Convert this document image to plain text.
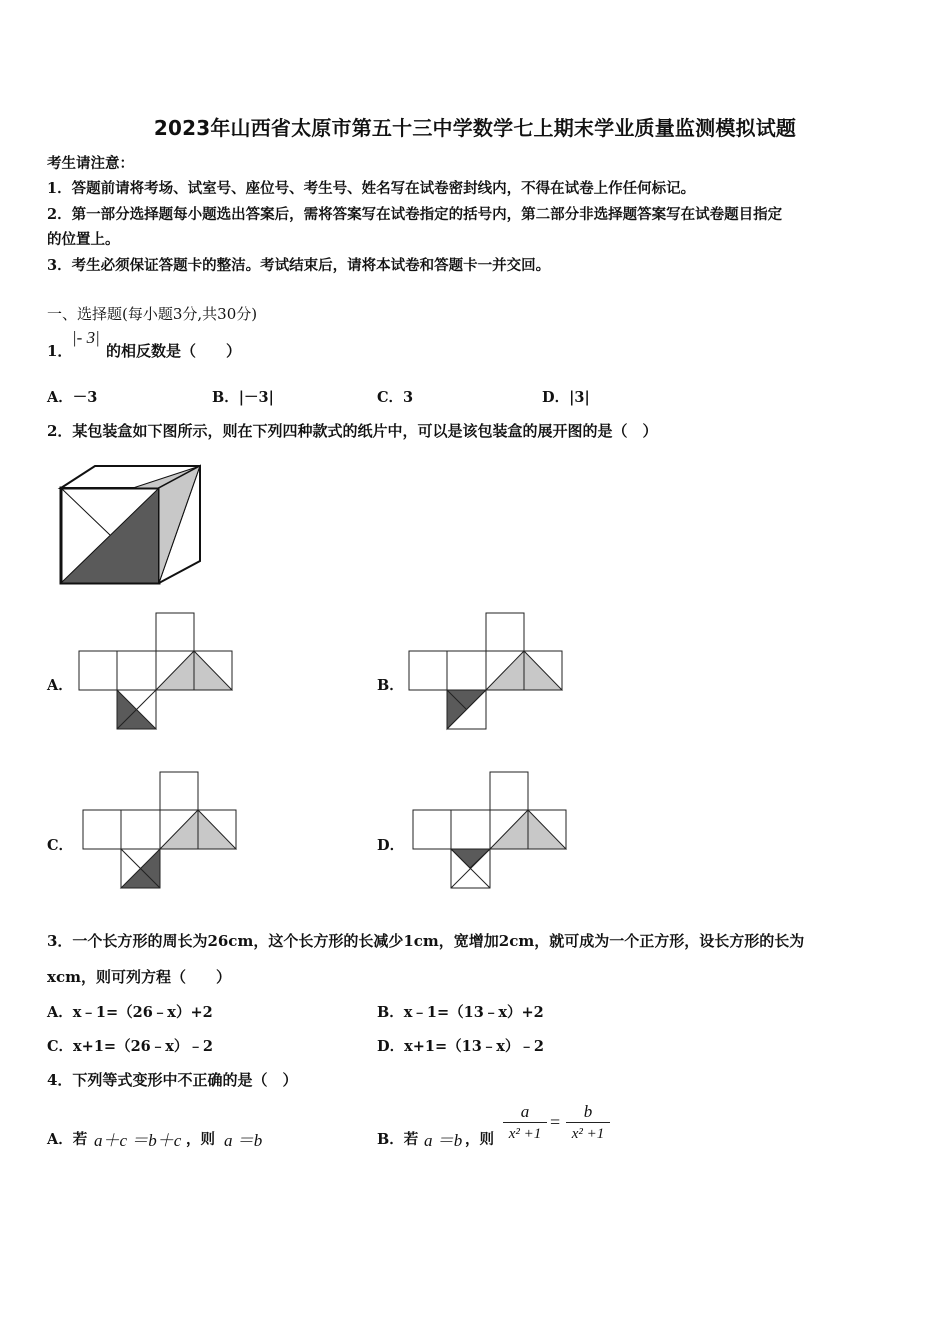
2023年山西省太原市第五十三中学数学七上期末学业质量监测模拟试题
考生请注意：
1．答题前请将考场、试室号、座位号、考生号、姓名写在试卷密封线内，不得在试卷上作任何标记。
2．第一部分选择题每小题选出答案后，需将答案写在试卷指定的括号内，第二部分非选择题答案写在试卷题目指定
的位置上。
3．考生必须保证答题卡的整洁。考试结束后，请将本试卷和答题卡一并交回。
一、选择题(每小题3分,共30分)
1．
|- 3|
的相反数是（　　）
A．－3	B．|－3|	C．3	D．|3|
2．某包装盒如下图所示，则在下列四种款式的纸片中，可以是该包装盒的展开图的是（　）
A．	B．
C．	D．
3．一个长方形的周长为26cm，这个长方形的长减少1cm，宽增加2cm，就可成为一个正方形，设长方形的长为
xcm，则可列方程（　　）
A．x﹣1=（26﹣x）+2	B．x﹣1=（13﹣x）+2
C．x+1=（26﹣x）﹣2	D．x+1=（13﹣x）﹣2
4．下列等式变形中不正确的是（　）
A．若 a＋c ＝b＋c ，则 a ＝b	B．若 a ＝b ，则 $\frac{a}{\text{x² +1}} = \frac{b}{\text{x² +1}}$
